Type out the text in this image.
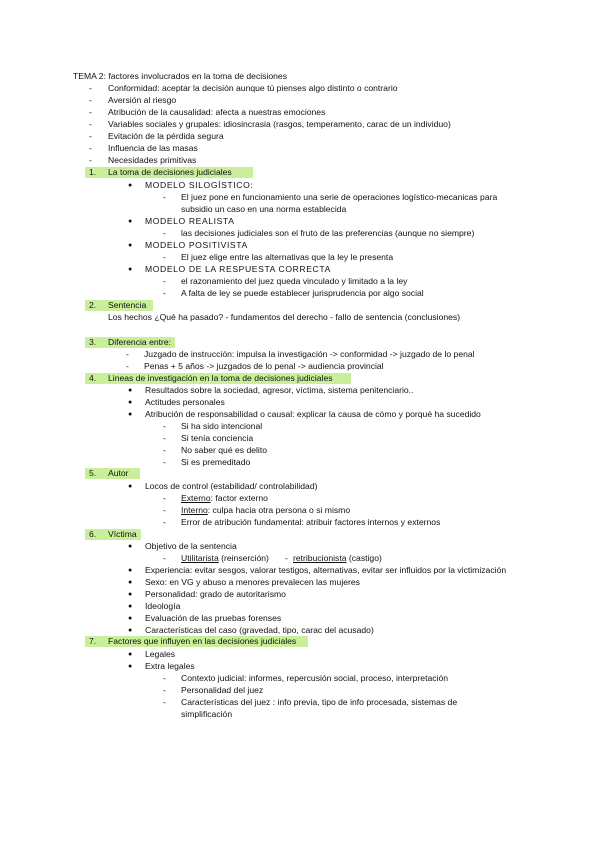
TEMA 2: factores involucrados en la toma de decisiones
- Conformidad: aceptar la decisión aunque tú pienses algo distinto o contrario
- Aversión al riesgo
- Atribución de la causalidad: afecta a nuestras emociones
- Variables sociales y grupales: idiosincrasia (rasgos, temperamento, carac de un individuo)
- Evitación de la pérdida segura
- Influencia de las masas
- Necesidades primitivas
1. La toma de decisiones judiciales
● MODELO SILOGÍSTICO:
- El juez pone en funcionamiento una serie de operaciones logístico-mecanicas para
subsidio un caso en una norma establecida
● MODELO REALISTA
- las decisiones judiciales son el fruto de las preferencias (aunque no siempre)
● MODELO POSITIVISTA
- El juez elige entre las alternativas que la ley le presenta
● MODELO DE LA RESPUESTA CORRECTA
- el razonamiento del juez queda vinculado y limitado a la ley
- A falta de ley se puede establecer jurisprudencia por algo social
2. Sentencia
Los hechos ¿Qué ha pasado? - fundamentos del derecho - fallo de sentencia (conclusiones)
3. Diferencia entre:
- Juzgado de instrucción: impulsa la investigación -> conformidad -> juzgado de lo penal
- Penas + 5 años -> juzgados de lo penal -> audiencia provincial
4. Lineas de investigación en la toma de decisiones judiciales
● Resultados sobre la sociedad, agresor, víctima, sistema penitenciario..
● Actitudes personales
● Atribución de responsabilidad o causal: explicar la causa de cómo y porqué ha sucedido
- Si ha sido intencional
- Si tenía conciencia
- No saber qué es delito
- Si es premeditado
5. Autor
● Locos de control (estabilidad/ controlabilidad)
- Externo: factor externo
- Interno: culpa hacia otra persona o si mismo
- Error de atribución fundamental: atribuir factores internos y externos
6. Víctima
● Objetivo de la sentencia
- Utilitarista (reinserción) - retribucionista (castigo)
● Experiencia: evitar sesgos, valorar testigos, alternativas, evitar ser influidos por la victimización
● Sexo: en VG y abuso a menores prevalecen las mujeres
● Personalidad: grado de autoritarismo
● Ideología
● Evaluación de las pruebas forenses
● Características del caso (gravedad, tipo, carac del acusado)
7. Factores que influyen en las decisiones judiciales
● Legales
● Extra legales
- Contexto judicial: informes, repercusión social, proceso, interpretación
- Personalidad del juez
- Características del juez : info previa, tipo de info procesada, sistemas de
simplificación
